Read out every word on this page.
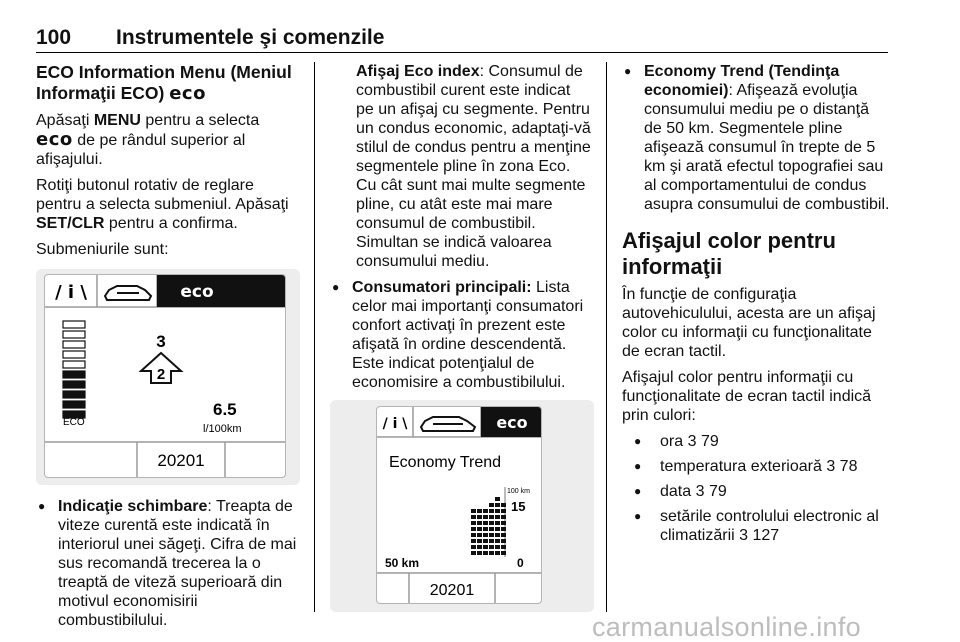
100 Instrumentele şi comenzile
ECO Information Menu (Meniul
Informaţii ECO) eco

Apăsaţi MENU pentru a selecta
eco de pe rândul superior al afişajului.

Rotiţi butonul rotativ de reglare pentru a selecta submeniul. Apăsaţi SET/CLR pentru a confirma.

Submeniurile sunt:

/ i \	eco
ECO
3
2
6.5
l/100km
20201
● Indicaţie schimbare: Treapta de viteze curentă este indicată în interiorul unei săgeţi. Cifra de mai sus recomandă trecerea la o treaptă de viteză superioară din motivul economisirii combustibilului.

Afişaj Eco index: Consumul de combustibil curent este indicat pe un afişaj cu segmente. Pentru un condus economic, adaptaţi-vă stilul de condus pentru a menţine segmentele pline în zona Eco. Cu cât sunt mai multe segmente pline, cu atât este mai mare consumul de combustibil. Simultan se indică valoarea consumului mediu.

● Consumatori principali: Lista celor mai importanţi consumatori confort activaţi în prezent este afişată în ordine descendentă. Este indicat potenţialul de economisire a combustibilului.
/ i \	eco
Economy Trend
100 km
15
50 km	0
20201
● Economy Trend (Tendinţa economiei): Afişează evoluţia consumului mediu pe o distanţă de 50 km. Segmentele pline afişează consumul în trepte de 5 km şi arată efectul topografiei sau al comportamentului de condus asupra consumului de combustibil.
Afişajul color pentru informaţii

În funcţie de configuraţia autovehiculului, acesta are un afişaj color cu informaţii cu funcţionalitate de ecran tactil.

Afişajul color pentru informaţii cu funcţionalitate de ecran tactil indică prin culori:

● ora 3 79
● temperatura exterioară 3 78
● data 3 79
● setările controlului electronic al climatizării 3 127
carmanualsonline.info
